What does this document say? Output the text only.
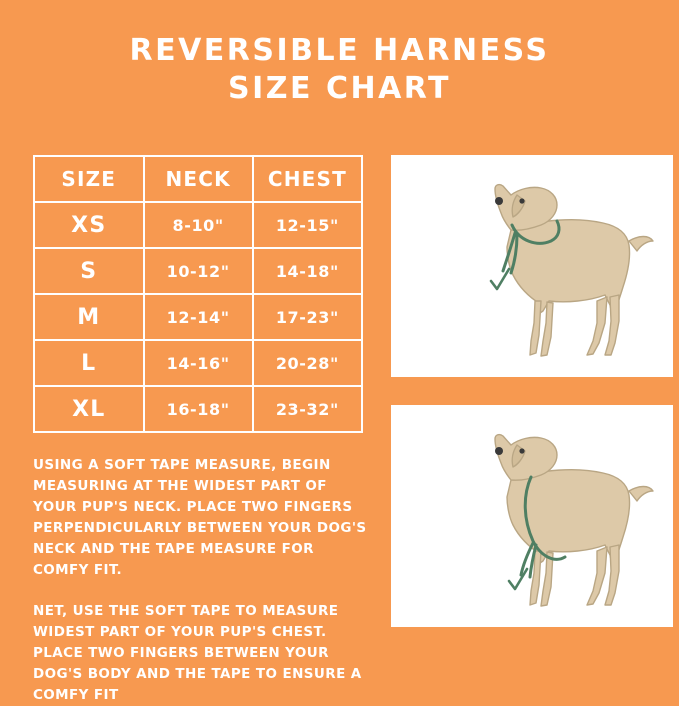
REVERSIBLE HARNESS
SIZE CHART
SIZE	NECK	CHEST
XS	8-10"	12-15"
S	10-12"	14-18"
M	12-14"	17-23"
L	14-16"	20-28"
XL	16-18"	23-32"
USING A SOFT TAPE MEASURE, BEGIN MEASURING AT THE WIDEST PART OF YOUR PUP'S NECK. PLACE TWO FINGERS PERPENDICULARLY BETWEEN YOUR DOG'S NECK AND THE TAPE MEASURE FOR COMFY FIT.
NET, USE THE SOFT TAPE TO MEASURE WIDEST PART OF YOUR PUP'S CHEST. PLACE TWO FINGERS BETWEEN YOUR DOG'S BODY AND THE TAPE TO ENSURE A COMFY FIT
